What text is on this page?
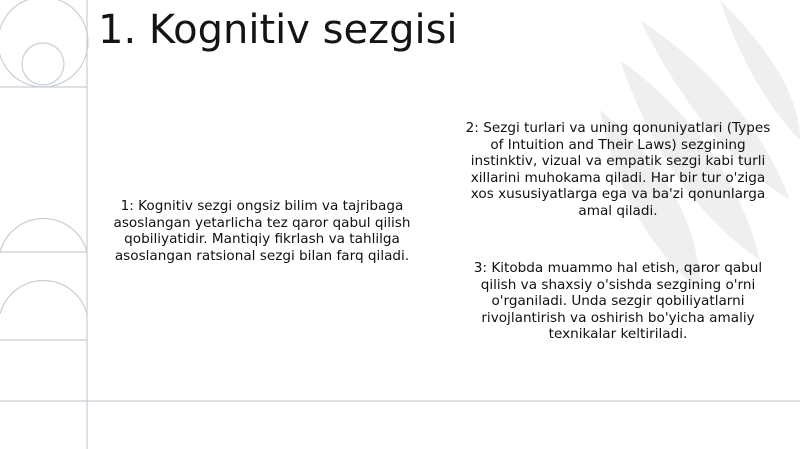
1. Kognitiv sezgisi

1: Kognitiv sezgi ongsiz bilim va tajribaga asoslangan yetarlicha tez qaror qabul qilish qobiliyatidir. Mantiqiy fikrlash va tahlilga asoslangan ratsional sezgi bilan farq qiladi.

2: Sezgi turlari va uning qonuniyatlari (Types of Intuition and Their Laws) sezgining instinktiv, vizual va empatik sezgi kabi turli xillarini muhokama qiladi. Har bir tur o'ziga xos xususiyatlarga ega va ba'zi qonunlarga amal qiladi.

3: Kitobda muammo hal etish, qaror qabul qilish va shaxsiy o'sishda sezgining o'rni o'rganiladi. Unda sezgir qobiliyatlarni rivojlantirish va oshirish bo'yicha amaliy texnikalar keltiriladi.
